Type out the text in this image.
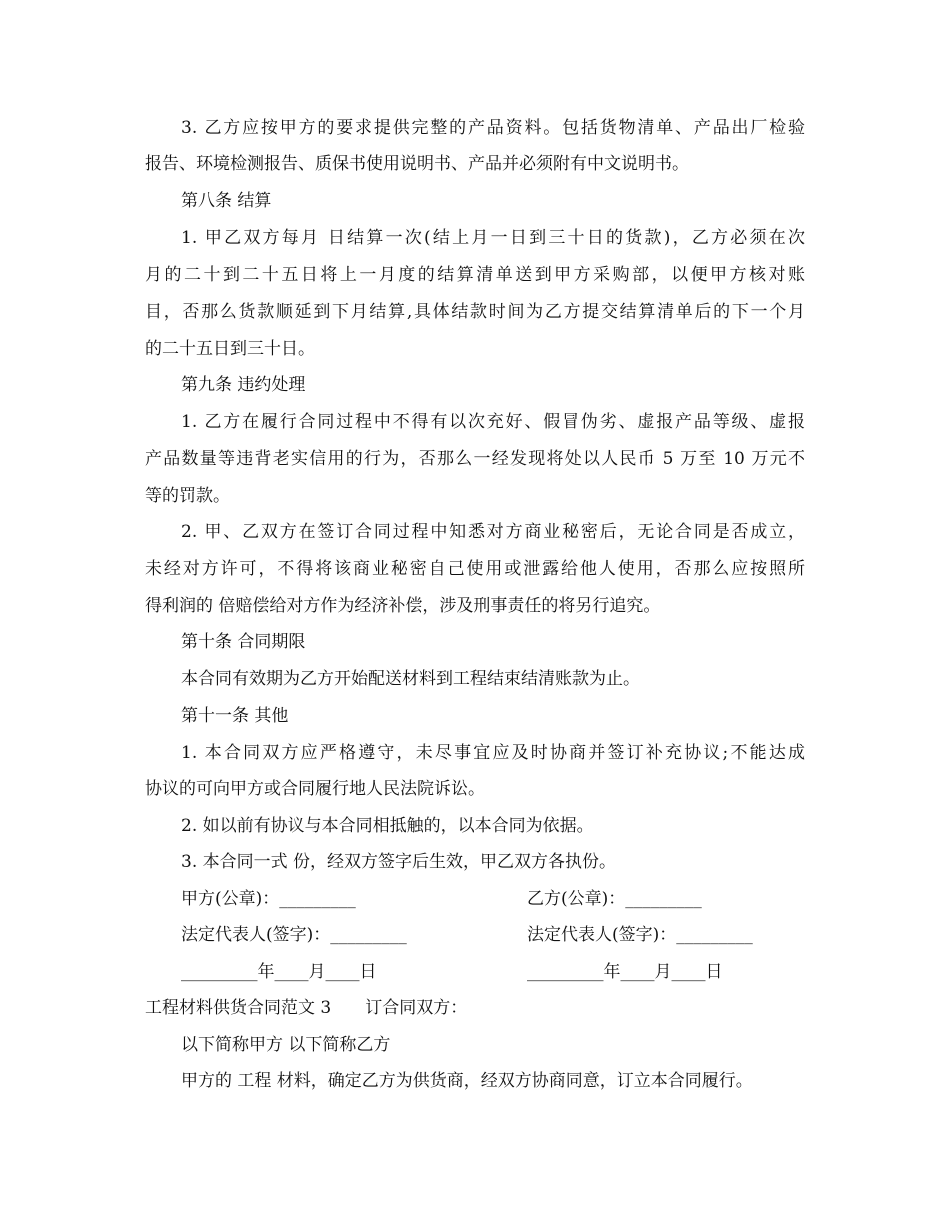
3. 乙方应按甲方的要求提供完整的产品资料。包括货物清单、产品出厂检验
报告、环境检测报告、质保书使用说明书、产品并必须附有中文说明书。
第八条 结算
1. 甲乙双方每月 日结算一次(结上月一日到三十日的货款)，乙方必须在次
月的二十到二十五日将上一月度的结算清单送到甲方采购部，以便甲方核对账
目，否那么货款顺延到下月结算,具体结款时间为乙方提交结算清单后的下一个月
的二十五日到三十日。
第九条 违约处理
1. 乙方在履行合同过程中不得有以次充好、假冒伪劣、虚报产品等级、虚报
产品数量等违背老实信用的行为，否那么一经发现将处以人民币 5 万至 10 万元不
等的罚款。
2. 甲、乙双方在签订合同过程中知悉对方商业秘密后，无论合同是否成立，
未经对方许可，不得将该商业秘密自己使用或泄露给他人使用，否那么应按照所
得利润的 倍赔偿给对方作为经济补偿，涉及刑事责任的将另行追究。
第十条 合同期限
本合同有效期为乙方开始配送材料到工程结束结清账款为止。
第十一条 其他
1. 本合同双方应严格遵守，未尽事宜应及时协商并签订补充协议;不能达成
协议的可向甲方或合同履行地人民法院诉讼。
2. 如以前有协议与本合同相抵触的，以本合同为依据。
3. 本合同一式 份，经双方签字后生效，甲乙双方各执份。
甲方(公章)：_________	乙方(公章)：_________
法定代表人(签字)：_________	法定代表人(签字)：_________
_________年____月____日	_________年____月____日
工程材料供货合同范文 3　　订合同双方：
以下简称甲方 以下简称乙方
甲方的 工程 材料，确定乙方为供货商，经双方协商同意，订立本合同履行。
